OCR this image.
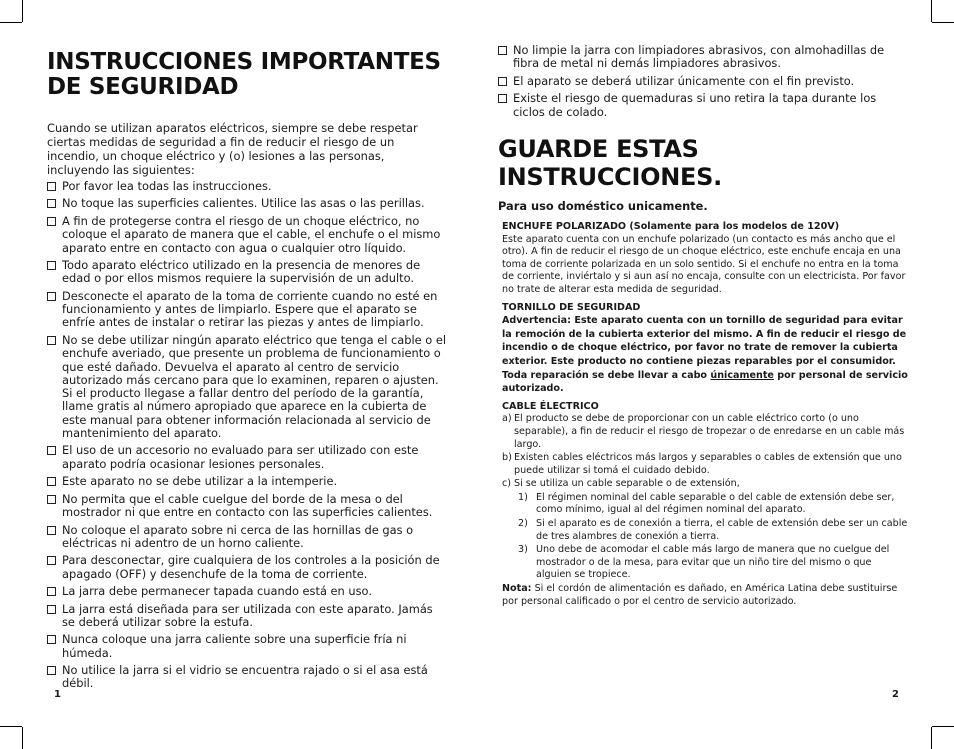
INSTRUCCIONES IMPORTANTES
DE SEGURIDAD

Cuando se utilizan aparatos eléctricos, siempre se debe respetar ciertas medidas de seguridad a fin de reducir el riesgo de un incendio, un choque eléctrico y (o) lesiones a las personas, incluyendo las siguientes:

Por favor lea todas las instrucciones.
No toque las superficies calientes. Utilice las asas o las perillas.
A fin de protegerse contra el riesgo de un choque eléctrico, no coloque el aparato de manera que el cable, el enchufe o el mismo aparato entre en contacto con agua o cualquier otro líquido.
Todo aparato eléctrico utilizado en la presencia de menores de edad o por ellos mismos requiere la supervisión de un adulto.
Desconecte el aparato de la toma de corriente cuando no esté en funcionamiento y antes de limpiarlo. Espere que el aparato se enfríe antes de instalar o retirar las piezas y antes de limpiarlo.
No se debe utilizar ningún aparato eléctrico que tenga el cable o el enchufe averiado, que presente un problema de funcionamiento o que esté dañado. Devuelva el aparato al centro de servicio autorizado más cercano para que lo examinen, reparen o ajusten. Si el producto llegase a fallar dentro del período de la garantía, llame gratis al número apropiado que aparece en la cubierta de este manual para obtener información relacionada al servicio de mantenimiento del aparato.
El uso de un accesorio no evaluado para ser utilizado con este aparato podría ocasionar lesiones personales.
Este aparato no se debe utilizar a la intemperie.
No permita que el cable cuelgue del borde de la mesa o del mostrador ni que entre en contacto con las superficies calientes.
No coloque el aparato sobre ni cerca de las hornillas de gas o eléctricas ni adentro de un horno caliente.
Para desconectar, gire cualquiera de los controles a la posición de apagado (OFF) y desenchufe de la toma de corriente.
La jarra debe permanecer tapada cuando está en uso.
La jarra está diseñada para ser utilizada con este aparato. Jamás se deberá utilizar sobre la estufa.
Nunca coloque una jarra caliente sobre una superficie fría ni húmeda.
No utilice la jarra si el vidrio se encuentra rajado o si el asa está débil.
1
No limpie la jarra con limpiadores abrasivos, con almohadillas de fibra de metal ni demás limpiadores abrasivos.
El aparato se deberá utilizar únicamente con el fin previsto.
Existe el riesgo de quemaduras si uno retira la tapa durante los ciclos de colado.
GUARDE ESTAS INSTRUCCIONES.

Para uso doméstico unicamente.

ENCHUFE POLARIZADO (Solamente para los modelos de 120V)

Este aparato cuenta con un enchufe polarizado (un contacto es más ancho que el otro). A fin de reducir el riesgo de un choque eléctrico, este enchufe encaja en una toma de corriente polarizada en un solo sentido. Si el enchufe no entra en la toma de corriente, inviértalo y si aun así no encaja, consulte con un electricista. Por favor no trate de alterar esta medida de seguridad.

TORNILLO DE SEGURIDAD

Advertencia: Este aparato cuenta con un tornillo de seguridad para evitar la remoción de la cubierta exterior del mismo. A fin de reducir el riesgo de incendio o de choque eléctrico, por favor no trate de remover la cubierta exterior. Este producto no contiene piezas reparables por el consumidor. Toda reparación se debe llevar a cabo únicamente por personal de servicio autorizado.

CABLE ÉLECTRICO

a) El producto se debe de proporcionar con un cable eléctrico corto (o uno separable), a fin de reducir el riesgo de tropezar o de enredarse en un cable más largo.
b) Existen cables eléctricos más largos y separables o cables de extensión que uno puede utilizar si tomá el cuidado debido.
c) Si se utiliza un cable separable o de extensión,
1) El régimen nominal del cable separable o del cable de extensión debe ser, como mínimo, igual al del régimen nominal del aparato.
2) Si el aparato es de conexión a tierra, el cable de extensión debe ser un cable de tres alambres de conexión a tierra.
3) Uno debe de acomodar el cable más largo de manera que no cuelgue del mostrador o de la mesa, para evitar que un niño tire del mismo o que alguien se tropiece.

Nota: Si el cordón de alimentación es dañado, en América Latina debe sustituirse por personal calificado o por el centro de servicio autorizado.

2
